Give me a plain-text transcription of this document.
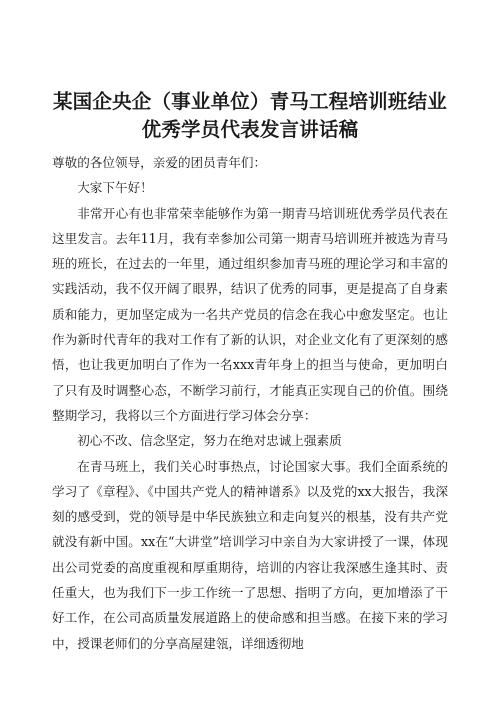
某国企央企（事业单位）青马工程培训班结业
优秀学员代表发言讲话稿

尊敬的各位领导，亲爱的团员青年们：

大家下午好！

非常开心有也非常荣幸能够作为第一期青马培训班优秀学员代表在这里发言。去年11月，我有幸参加公司第一期青马培训班并被选为青马班的班长，在过去的一年里，通过组织参加青马班的理论学习和丰富的实践活动，我不仅开阔了眼界，结识了优秀的同事，更是提高了自身素质和能力，更加坚定成为一名共产党员的信念在我心中愈发坚定。也让作为新时代青年的我对工作有了新的认识，对企业文化有了更深刻的感悟，也让我更加明白了作为一名xxx青年身上的担当与使命，更加明白了只有及时调整心态，不断学习前行，才能真正实现自己的价值。围绕整期学习，我将以三个方面进行学习体会分享：

初心不改、信念坚定，努力在绝对忠诚上强素质

在青马班上，我们关心时事热点，讨论国家大事。我们全面系统的学习了《章程》、《中国共产党人的精神谱系》以及党的xx大报告，我深刻的感受到，党的领导是中华民族独立和走向复兴的根基，没有共产党就没有新中国。xx在“大讲堂”培训学习中亲自为大家讲授了一课，体现出公司党委的高度重视和厚重期待，培训的内容让我深感生逢其时、责任重大，也为我们下一步工作统一了思想、指明了方向，更加增添了干好工作，在公司高质量发展道路上的使命感和担当感。在接下来的学习中，授课老师们的分享高屋建瓴，详细透彻地
